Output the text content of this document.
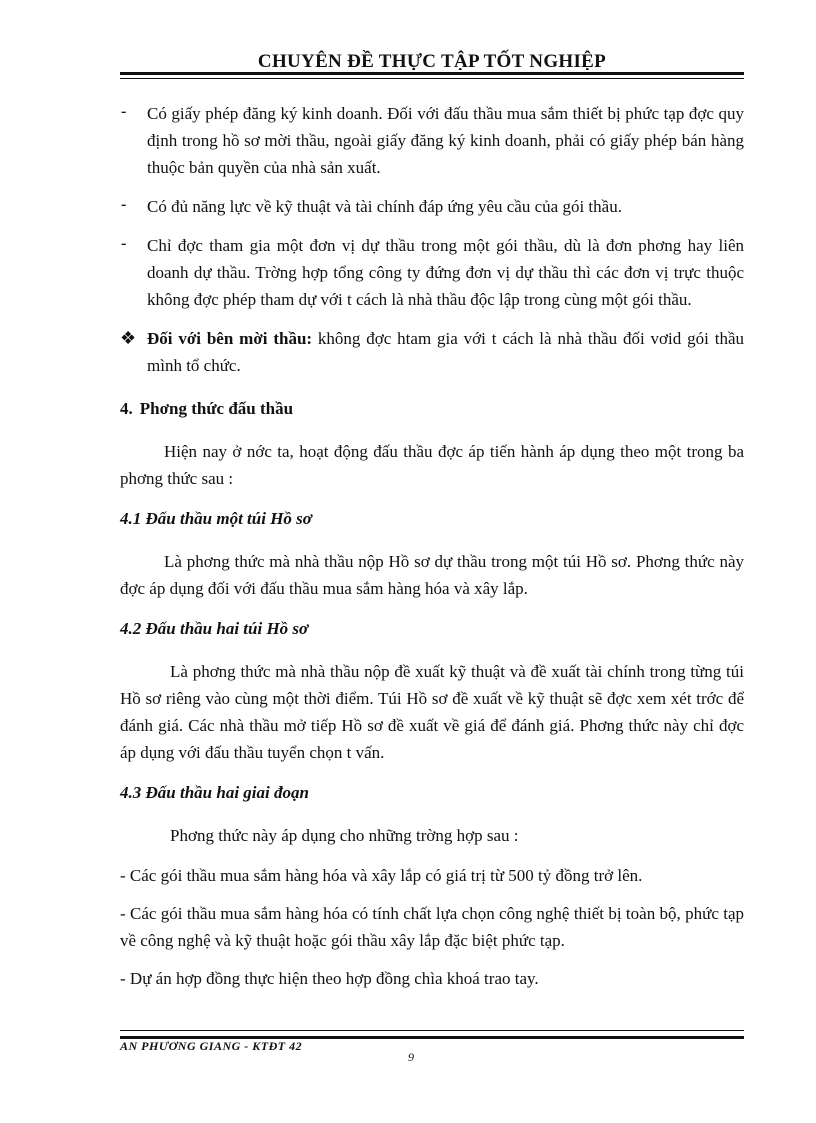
CHUYÊN ĐỀ THỰC TẬP TỐT NGHIỆP
- Có giấy phép đăng ký kinh doanh. Đối với đấu thầu mua sắm thiết bị phức tạp đợc quy định trong hồ sơ mời thầu, ngoài giấy đăng ký kinh doanh, phải có giấy phép bán hàng thuộc bản quyền của nhà sản xuất.

- Có đủ năng lực về kỹ thuật và tài chính đáp ứng yêu cầu của gói thầu.

- Chỉ đợc tham gia một đơn vị dự thầu trong một gói thầu, dù là đơn phơng hay liên doanh dự thầu. Trờng hợp tổng công ty đứng đơn vị dự thầu thì các đơn vị trực thuộc không đợc phép tham dự với t cách là nhà thầu độc lập trong cùng một gói thầu.

❖ Đối với bên mời thầu: không đợc htam gia với t cách là nhà thầu đối vơid gói thầu mình tổ chức.

4. Phơng thức đấu thầu

Hiện nay ở nớc ta, hoạt động đấu thầu đợc áp tiến hành áp dụng theo một trong ba phơng thức sau :

4.1 Đấu thầu một túi Hồ sơ

Là phơng thức mà nhà thầu nộp Hồ sơ dự thầu trong một túi Hồ sơ. Phơng thức này đợc áp dụng đối với đấu thầu mua sắm hàng hóa và xây lắp.

4.2 Đấu thầu hai túi Hồ sơ

Là phơng thức mà nhà thầu nộp đề xuất kỹ thuật và đề xuất tài chính trong từng túi Hồ sơ riêng vào cùng một thời điểm. Túi Hồ sơ đề xuất về kỹ thuật sẽ đợc xem xét trớc để đánh giá. Các nhà thầu mở tiếp Hồ sơ đề xuất về giá để đánh giá. Phơng thức này chỉ đợc áp dụng với đấu thầu tuyển chọn t vấn.

4.3 Đấu thầu hai giai đoạn

Phơng thức này áp dụng cho những trờng hợp sau :

- Các gói thầu mua sắm hàng hóa và xây lắp có giá trị từ 500 tỷ đồng trở lên.

- Các gói thầu mua sắm hàng hóa có tính chất lựa chọn công nghệ thiết bị toàn bộ, phức tạp về công nghệ và kỹ thuật hoặc gói thầu xây lắp đặc biệt phức tạp.

- Dự án hợp đồng thực hiện theo hợp đồng chìa khoá trao tay.

AN PHƯƠNG GIANG - KTĐT 42
9
